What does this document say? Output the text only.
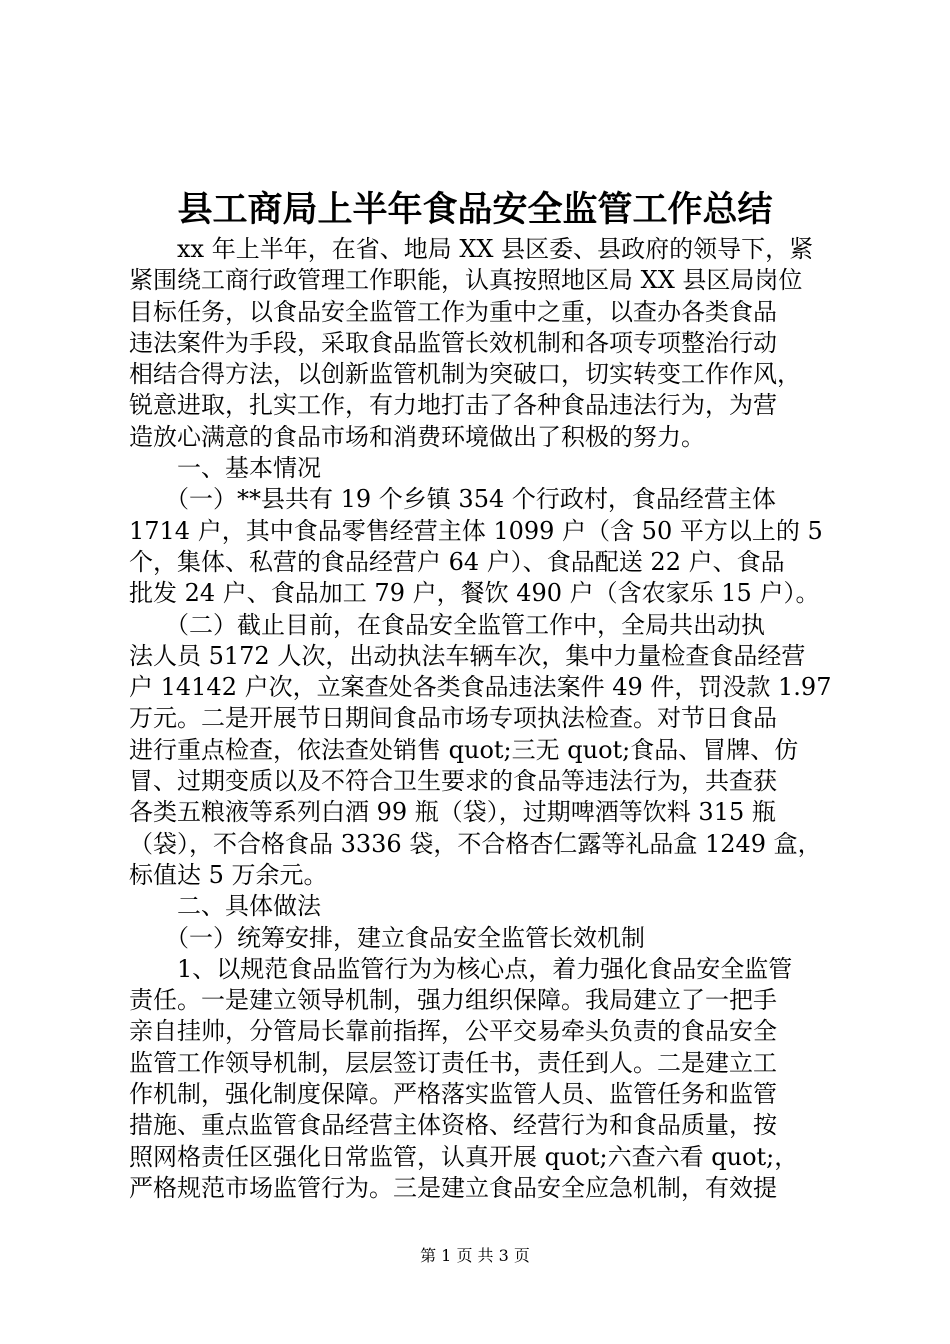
县工商局上半年食品安全监管工作总结
　　xx 年上半年，在省、地局 XX 县区委、县政府的领导下，紧
紧围绕工商行政管理工作职能，认真按照地区局 XX 县区局岗位
目标任务，以食品安全监管工作为重中之重，以查办各类食品
违法案件为手段，采取食品监管长效机制和各项专项整治行动
相结合得方法，以创新监管机制为突破口，切实转变工作作风，
锐意进取，扎实工作，有力地打击了各种食品违法行为，为营
造放心满意的食品市场和消费环境做出了积极的努力。
　　一、基本情况
　　（一）**县共有 19 个乡镇 354 个行政村，食品经营主体
1714 户，其中食品零售经营主体 1099 户（含 50 平方以上的 5
个，集体、私营的食品经营户 64 户）、食品配送 22 户、食品
批发 24 户、食品加工 79 户，餐饮 490 户（含农家乐 15 户）。
　　（二）截止目前，在食品安全监管工作中，全局共出动执
法人员 5172 人次，出动执法车辆车次，集中力量检查食品经营
户 14142 户次，立案查处各类食品违法案件 49 件，罚没款 1.97
万元。二是开展节日期间食品市场专项执法检查。对节日食品
进行重点检查，依法查处销售 quot;三无 quot;食品、冒牌、仿
冒、过期变质以及不符合卫生要求的食品等违法行为，共查获
各类五粮液等系列白酒 99 瓶（袋），过期啤酒等饮料 315 瓶
（袋），不合格食品 3336 袋，不合格杏仁露等礼品盒 1249 盒，
标值达 5 万余元。
　　二、具体做法
　　（一）统筹安排，建立食品安全监管长效机制
　　1、以规范食品监管行为为核心点，着力强化食品安全监管
责任。一是建立领导机制，强力组织保障。我局建立了一把手
亲自挂帅，分管局长靠前指挥，公平交易牵头负责的食品安全
监管工作领导机制，层层签订责任书，责任到人。二是建立工
作机制，强化制度保障。严格落实监管人员、监管任务和监管
措施、重点监管食品经营主体资格、经营行为和食品质量，按
照网格责任区强化日常监管，认真开展 quot;六查六看 quot;，
严格规范市场监管行为。三是建立食品安全应急机制，有效提
第 1 页 共 3 页
